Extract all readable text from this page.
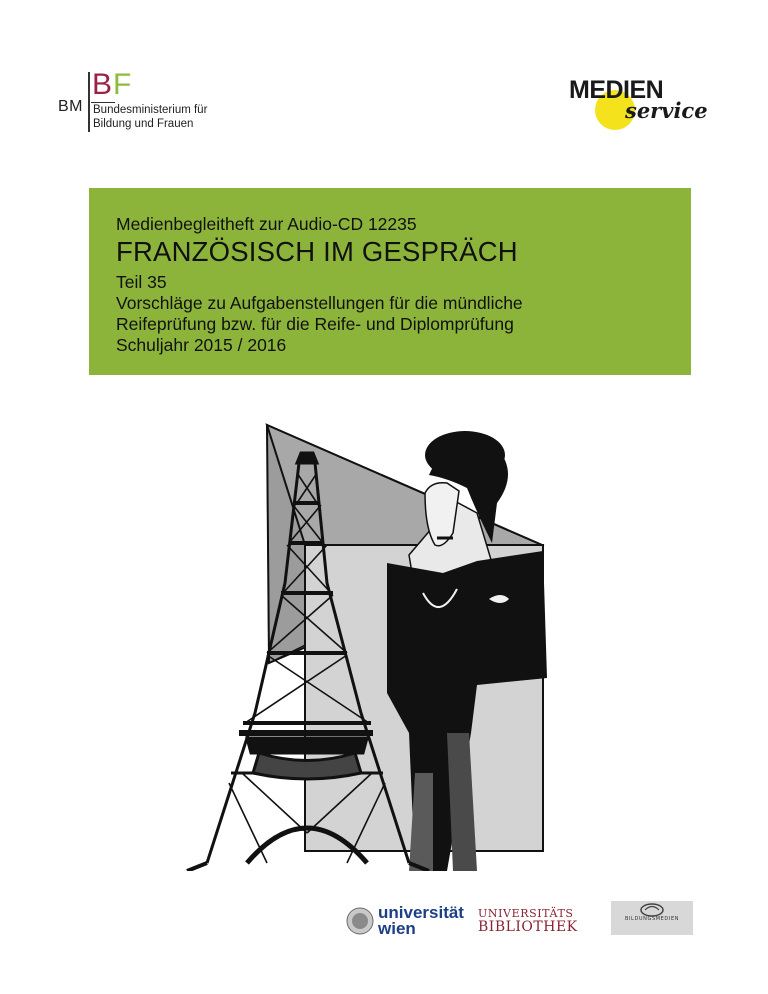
BM
BF
Bundesministerium für
Bildung und Frauen
MEDIEN
service
Medienbegleitheft zur Audio-CD 12235
FRANZÖSISCH IM GESPRÄCH
Teil 35
Vorschläge zu Aufgabenstellungen für die mündliche
Reifeprüfung bzw. für die Reife- und Diplomprüfung
Schuljahr 2015 / 2016
universität
wien
UNIVERSITÄTS
BIBLIOTHEK	BILDUNGSMEDIEN
